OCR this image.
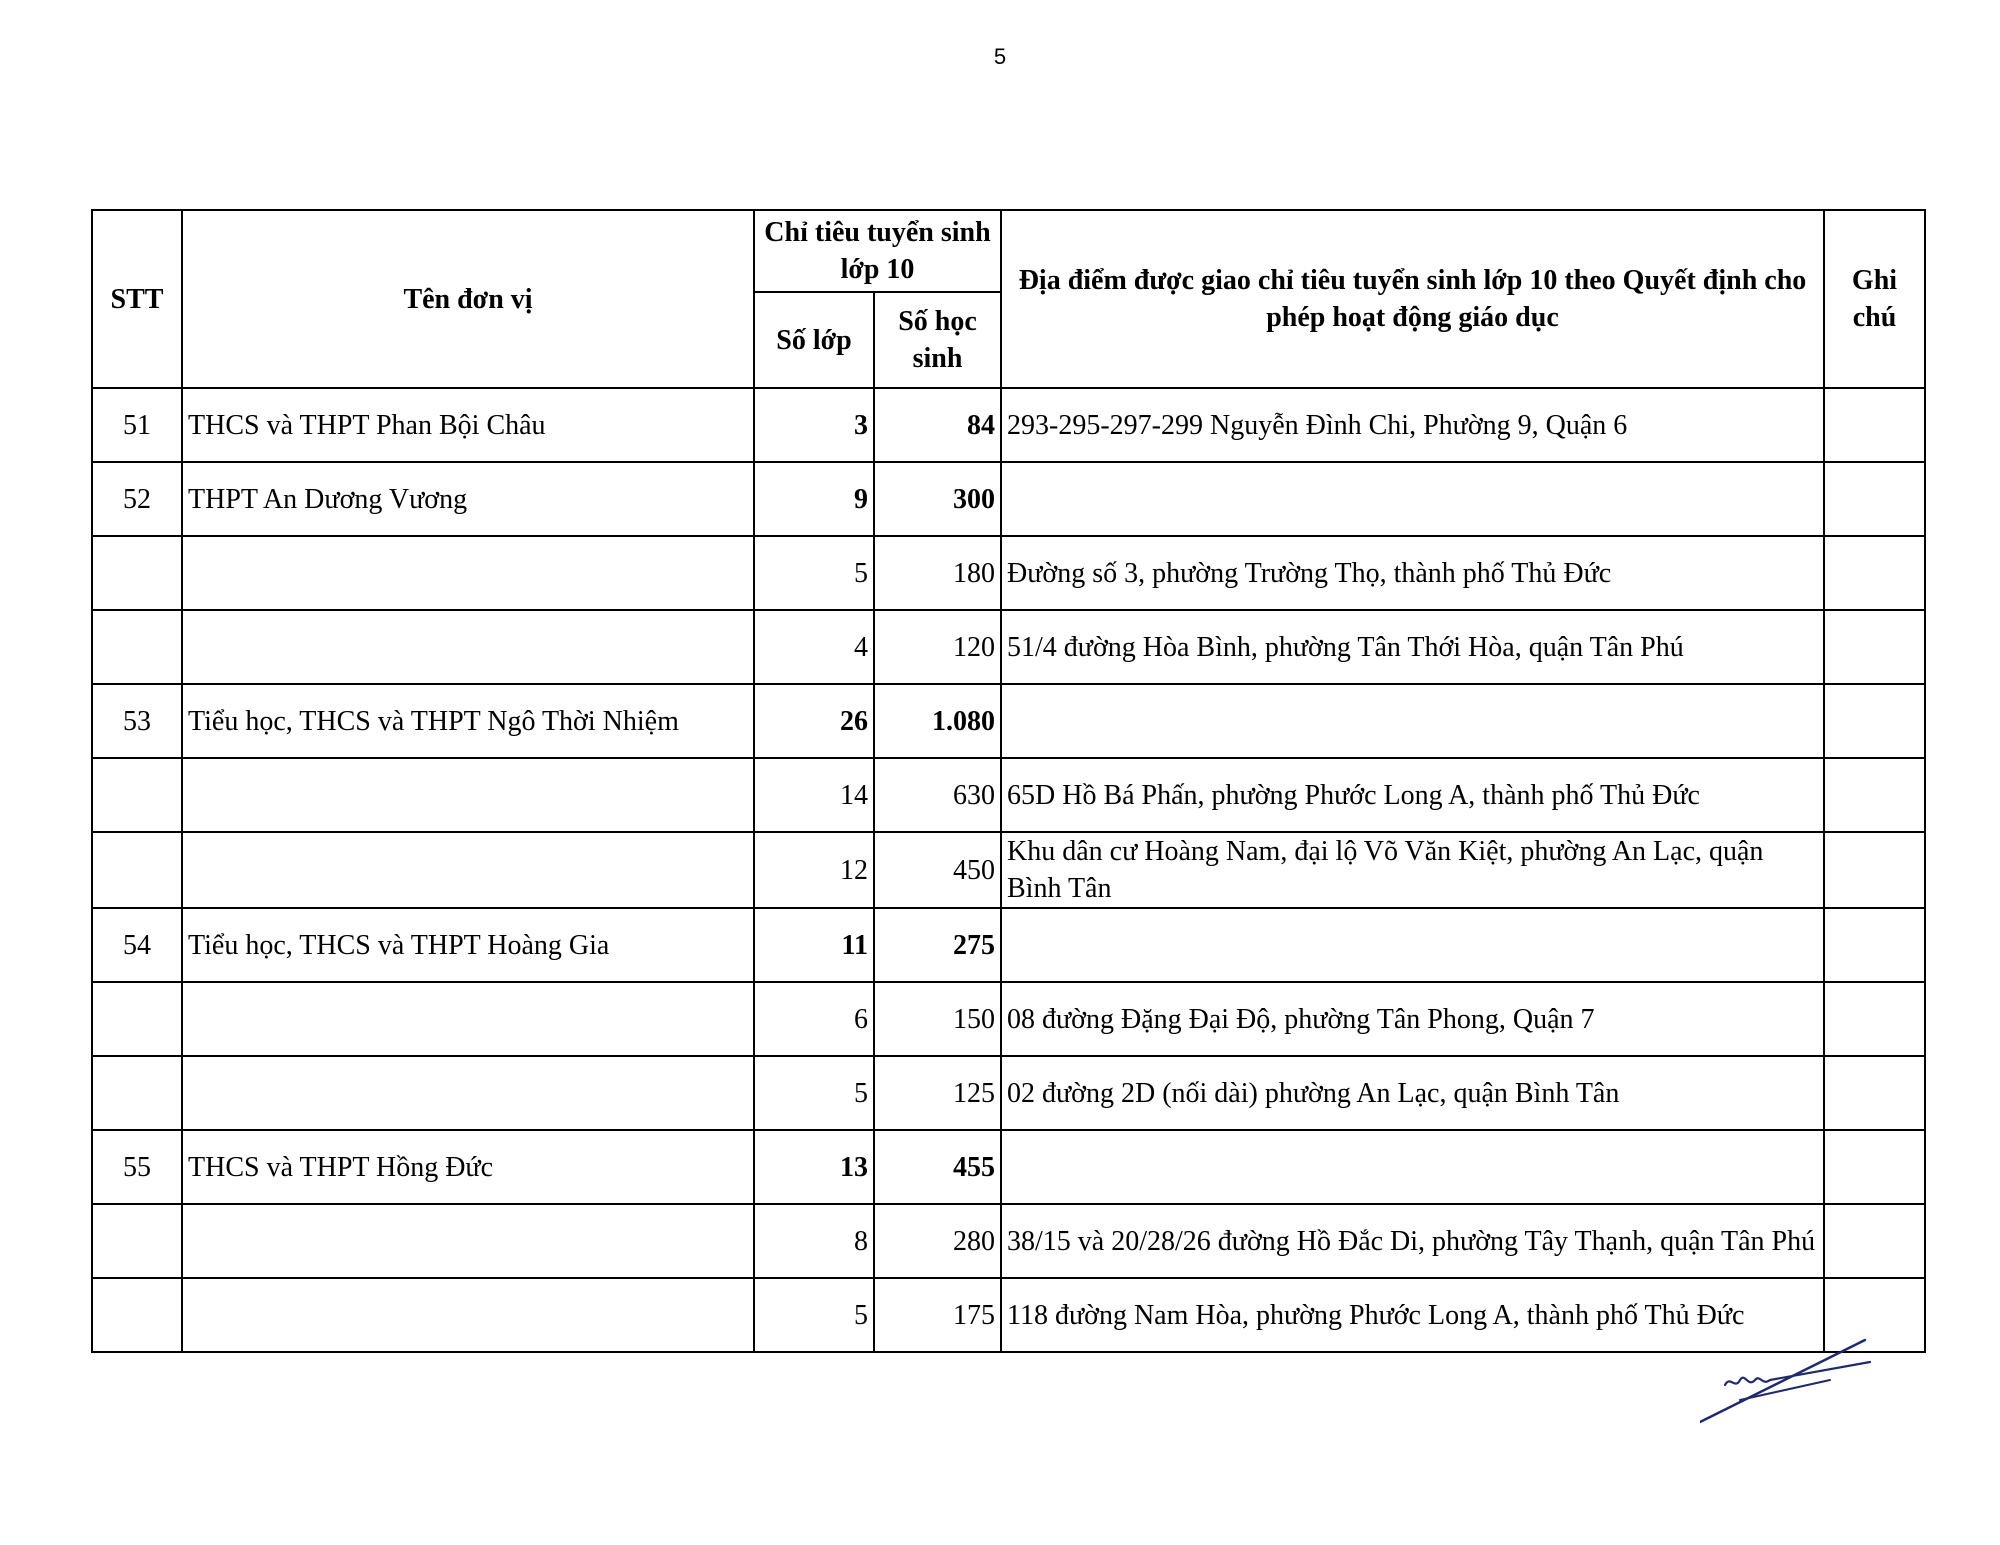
5
STT	Tên đơn vị	Chỉ tiêu tuyển sinh lớp 10		Địa điểm được giao chỉ tiêu tuyển sinh lớp 10 theo Quyết định cho phép hoạt động giáo dục	Ghi chú
		Số lớp	Số học sinh		
51	THCS và THPT Phan Bội Châu	3	84	293-295-297-299 Nguyễn Đình Chi, Phường 9, Quận 6	
52	THPT An Dương Vương	9	300		
		5	180	Đường số 3, phường Trường Thọ, thành phố Thủ Đức	
		4	120	51/4 đường Hòa Bình, phường Tân Thới Hòa, quận Tân Phú	
53	Tiểu học, THCS và THPT Ngô Thời Nhiệm	26	1.080		
		14	630	65D Hồ Bá Phấn, phường Phước Long A, thành phố Thủ Đức	
		12	450	Khu dân cư Hoàng Nam, đại lộ Võ Văn Kiệt, phường An Lạc, quận Bình Tân	
54	Tiểu học, THCS và THPT Hoàng Gia	11	275		
		6	150	08 đường Đặng Đại Độ, phường Tân Phong, Quận 7	
		5	125	02 đường 2D (nối dài) phường An Lạc, quận Bình Tân	
55	THCS và THPT Hồng Đức	13	455		
		8	280	38/15 và 20/28/26 đường Hồ Đắc Di, phường Tây Thạnh, quận Tân Phú	
		5	175	118 đường Nam Hòa, phường Phước Long A, thành phố Thủ Đức	
